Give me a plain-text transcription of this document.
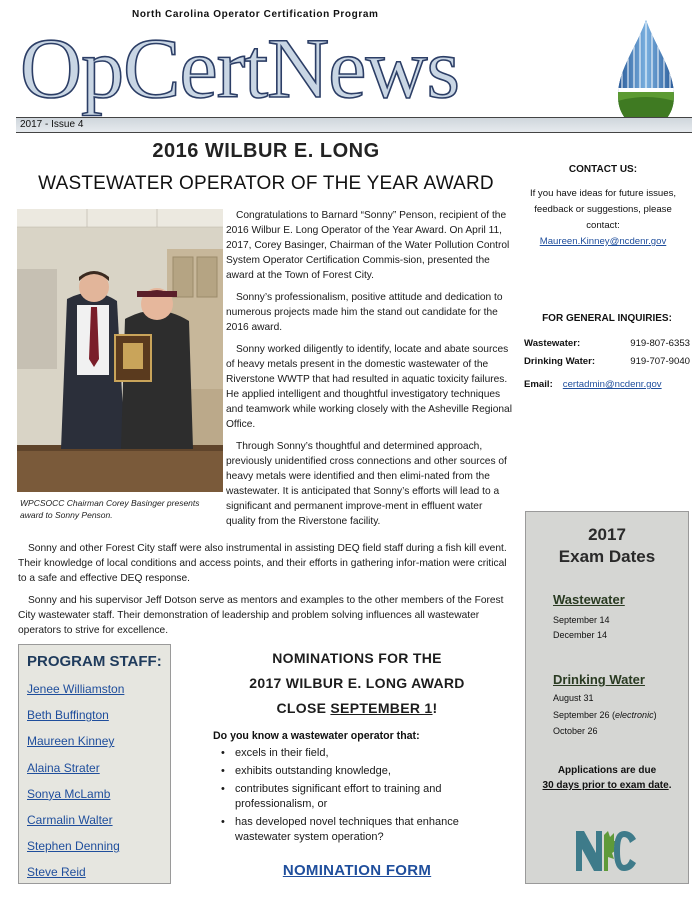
North Carolina Operator Certification Program
OpCertNews
2017 - Issue 4
2016 WILBUR E. LONG
WASTEWATER OPERATOR OF THE YEAR AWARD
WPCSOCC Chairman Corey Basinger presents award to Sonny Penson.

Congratulations to Barnard “Sonny” Penson, recipient of the 2016 Wilbur E. Long Operator of the Year Award. On April 11, 2017, Corey Basinger, Chairman of the Water Pollution Control System Operator Certification Commis-sion, presented the award at the Town of Forest City.

Sonny’s professionalism, positive attitude and dedication to numerous projects made him the stand out candidate for the 2016 award.

Sonny worked diligently to identify, locate and abate sources of heavy metals present in the domestic wastewater of the Riverstone WWTP that had resulted in aquatic toxicity failures. He applied intelligent and thoughtful investigatory techniques and teamwork while working closely with the Asheville Regional Office.

Through Sonny’s thoughtful and determined approach, previously unidentified cross connections and other sources of heavy metals were identified and then elimi-nated from the wastewater. It is anticipated that Sonny’s efforts will lead to a significant and permanent improve-ment in effluent water quality from the Riverstone facility.

Sonny and other Forest City staff were also instrumental in assisting DEQ field staff during a fish kill event. Their knowledge of local conditions and access points, and their efforts in gathering infor-mation were critical to a safe and effective DEQ response.

Sonny and his supervisor Jeff Dotson serve as mentors and examples to the other members of the Forest City wastewater staff. Their demonstration of leadership and problem solving influences all wastewater operators to strive for excellence.

CONTACT US:
If you have ideas for future issues, feedback or suggestions, please contact:
Maureen.Kinney@ncdenr.gov
FOR GENERAL INQUIRIES:
Wastewater:	919-807-6353
Drinking Water:	919-707-9040
Email: certadmin@ncdenr.gov
PROGRAM STAFF:
Jenee Williamston
Beth Buffington
Maureen Kinney
Alaina Strater
Sonya McLamb
Carmalin Walter
Stephen Denning
Steve Reid
NOMINATIONS FOR THE
2017 WILBUR E. LONG AWARD
CLOSE SEPTEMBER 1!
Do you know a wastewater operator that:
• excels in their field,
• exhibits outstanding knowledge,
• contributes significant effort to training and professionalism, or
• has developed novel techniques that enhance wastewater system operation?
NOMINATION FORM
2017
Exam Dates
Wastewater
September 14
December 14
Drinking Water
August 31
September 26 (electronic)
October 26
Applications are due
30 days prior to exam date.
